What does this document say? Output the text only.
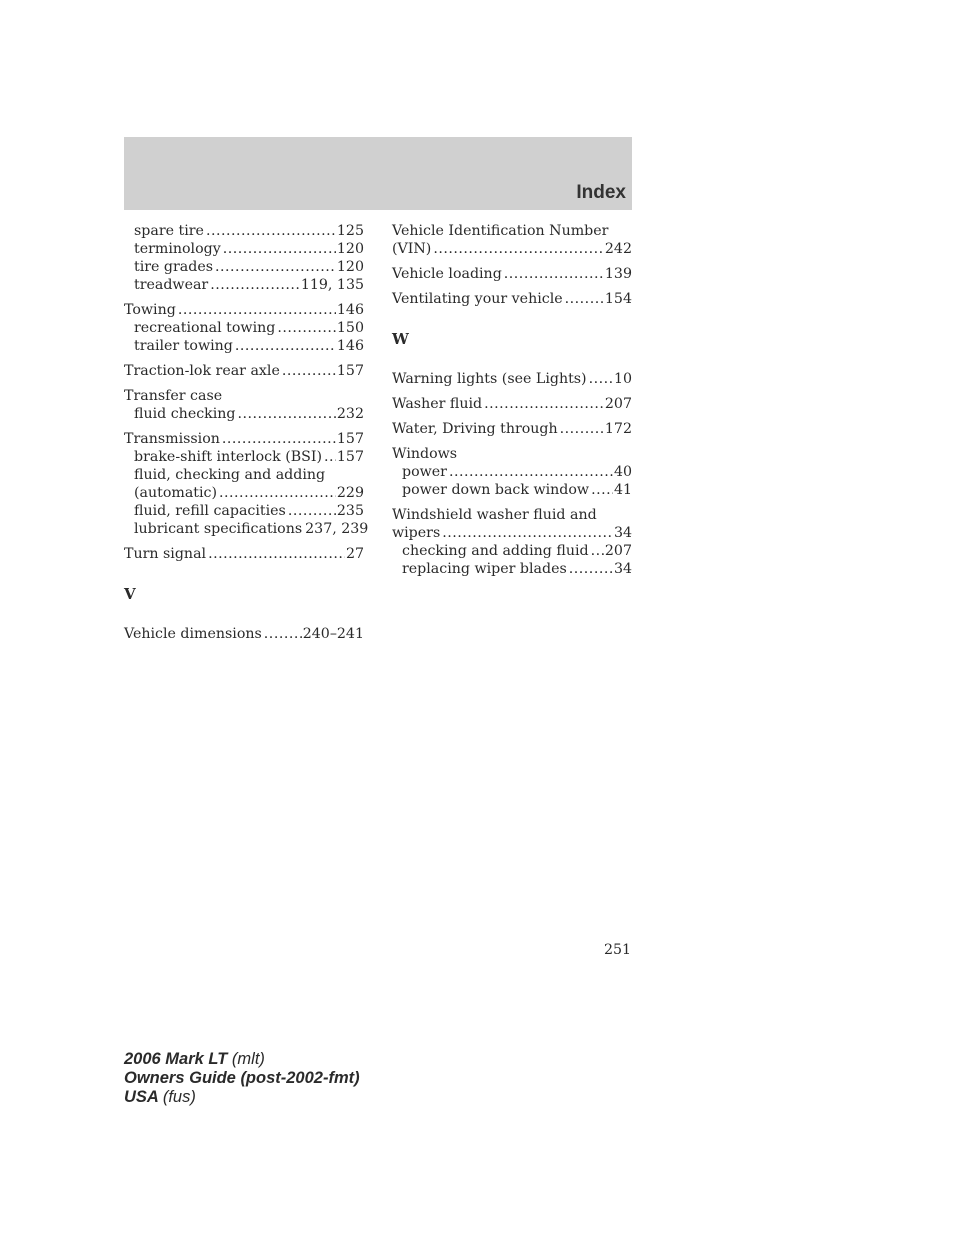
Index
spare tire .....	125
terminology .....	120
tire grades .....	120
treadwear .....	119, 135
Towing .....	146
recreational towing .....	150
trailer towing .....	146
Traction-lok rear axle .....	157
Transfer case
fluid checking .....	232
Transmission .....	157
brake-shift interlock (BSI) ..... 157
fluid, checking and adding
(automatic) .....	229
fluid, refill capacities .....	235
lubricant specifications 237, 239
Turn signal .....	27
V
Vehicle dimensions .....	240–241
Vehicle Identification Number
(VIN) .....	242
Vehicle loading .....	139
Ventilating your vehicle .....	154
W
Warning lights (see Lights) ..... 10
Washer fluid .....	207
Water, Driving through .....	172
Windows
power .....	40
power down back window ..... 41
Windshield washer fluid and
wipers .....	34
checking and adding fluid ..... 207
replacing wiper blades .....	34
251
2006 Mark LT (mlt)
Owners Guide (post-2002-fmt)
USA (fus)
